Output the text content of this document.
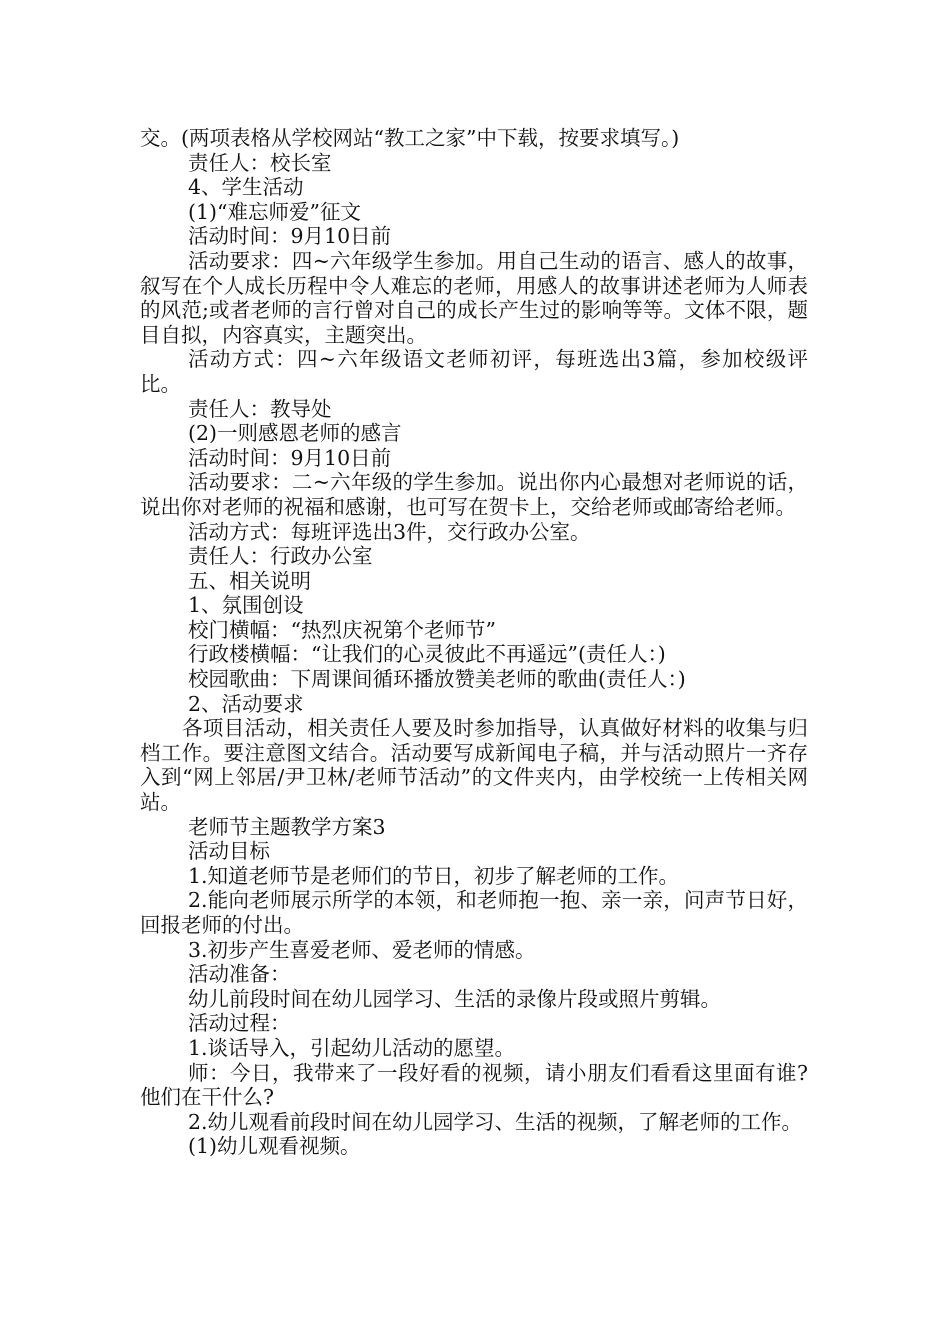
交。(两项表格从学校网站“教工之家”中下载，按要求填写。)

责任人：校长室

4、学生活动

(1)“难忘师爱”征文

活动时间：9月10日前

活动要求：四~六年级学生参加。用自己生动的语言、感人的故事，叙写在个人成长历程中令人难忘的老师，用感人的故事讲述老师为人师表的风范;或者老师的言行曾对自己的成长产生过的影响等等。文体不限，题目自拟，内容真实，主题突出。

活动方式：四~六年级语文老师初评，每班选出3篇，参加校级评比。

责任人：教导处

(2)一则感恩老师的感言

活动时间：9月10日前

活动要求：二~六年级的学生参加。说出你内心最想对老师说的话，说出你对老师的祝福和感谢，也可写在贺卡上，交给老师或邮寄给老师。

活动方式：每班评选出3件，交行政办公室。

责任人：行政办公室

五、相关说明

1、氛围创设

校门横幅：“热烈庆祝第个老师节”

行政楼横幅：“让我们的心灵彼此不再遥远”(责任人：)

校园歌曲：下周课间循环播放赞美老师的歌曲(责任人：)

2、活动要求

各项目活动，相关责任人要及时参加指导，认真做好材料的收集与归档工作。要注意图文结合。活动要写成新闻电子稿，并与活动照片一齐存入到“网上邻居/尹卫林/老师节活动”的文件夹内，由学校统一上传相关网站。

老师节主题教学方案3

活动目标

1.知道老师节是老师们的节日，初步了解老师的工作。

2.能向老师展示所学的本领，和老师抱一抱、亲一亲，问声节日好，回报老师的付出。

3.初步产生喜爱老师、爱老师的情感。

活动准备：

幼儿前段时间在幼儿园学习、生活的录像片段或照片剪辑。

活动过程：

1.谈话导入，引起幼儿活动的愿望。

师：今日，我带来了一段好看的视频，请小朋友们看看这里面有谁?他们在干什么?

2.幼儿观看前段时间在幼儿园学习、生活的视频，了解老师的工作。

(1)幼儿观看视频。
